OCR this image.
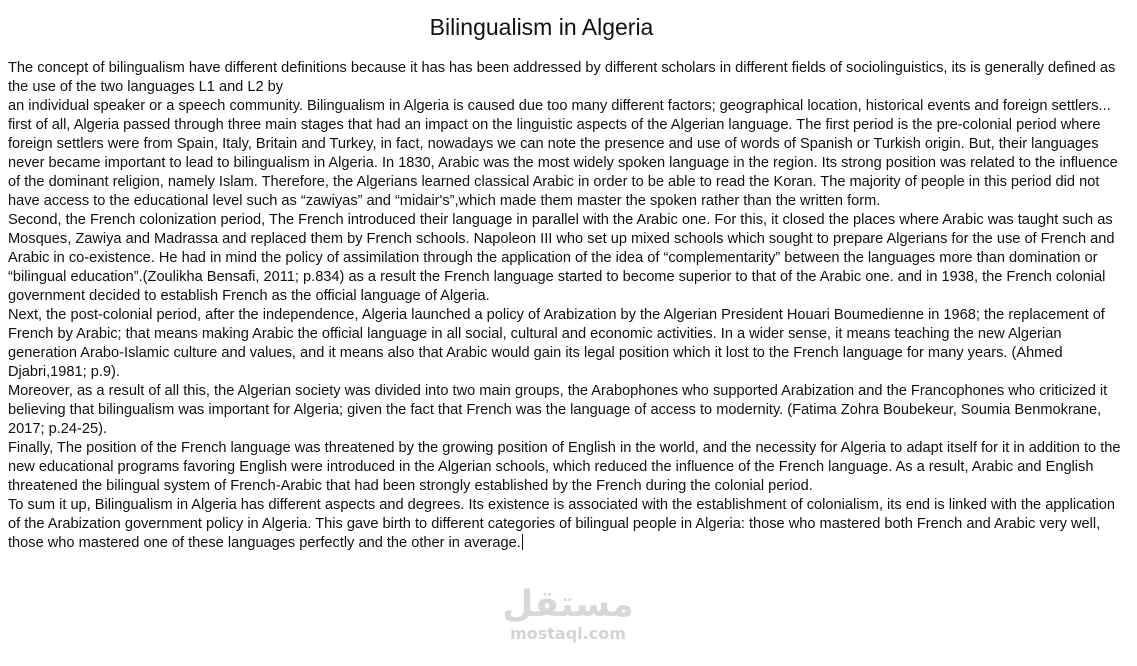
Bilingualism in Algeria

The concept of bilingualism have different definitions because it has has been addressed by different scholars in different fields of sociolinguistics, its is generally defined as the use of the two languages L1 and L2 by

an individual speaker or a speech community. Bilingualism in Algeria is caused due too many different factors; geographical location, historical events and foreign settlers...

first of all, Algeria passed through three main stages that had an impact on the linguistic aspects of the Algerian language. The first period is the pre-colonial period where foreign settlers were from Spain, Italy, Britain and Turkey, in fact, nowadays we can note the presence and use of words of Spanish or Turkish origin. But, their languages never became important to lead to bilingualism in Algeria. In 1830, Arabic was the most widely spoken language in the region. Its strong position was related to the influence of the dominant religion, namely Islam. Therefore, the Algerians learned classical Arabic in order to be able to read the Koran. The majority of people in this period did not have access to the educational level such as “zawiyas” and “midair's”,which made them master the spoken rather than the written form.

Second, the French colonization period, The French introduced their language in parallel with the Arabic one. For this, it closed the places where Arabic was taught such as Mosques, Zawiya and Madrassa and replaced them by French schools. Napoleon III who set up mixed schools which sought to prepare Algerians for the use of French and Arabic in co-existence. He had in mind the policy of assimilation through the application of the idea of “complementarity” between the languages more than domination or “bilingual education”.(Zoulikha Bensafi, 2011; p.834) as a result the French language started to become superior to that of the Arabic one. and in 1938, the French colonial government decided to establish French as the official language of Algeria.

Next, the post-colonial period, after the independence, Algeria launched a policy of Arabization by the Algerian President Houari Boumedienne in 1968; the replacement of French by Arabic; that means making Arabic the official language in all social, cultural and economic activities. In a wider sense, it means teaching the new Algerian generation Arabo-Islamic culture and values, and it means also that Arabic would gain its legal position which it lost to the French language for many years. (Ahmed Djabri,1981; p.9).

Moreover, as a result of all this, the Algerian society was divided into two main groups, the Arabophones who supported Arabization and the Francophones who criticized it believing that bilingualism was important for Algeria; given the fact that French was the language of access to modernity. (Fatima Zohra Boubekeur, Soumia Benmokrane, 2017; p.24-25).

Finally, The position of the French language was threatened by the growing position of English in the world, and the necessity for Algeria to adapt itself for it in addition to the new educational programs favoring English were introduced in the Algerian schools, which reduced the influence of the French language. As a result, Arabic and English threatened the bilingual system of French-Arabic that had been strongly established by the French during the colonial period.

To sum it up, Bilingualism in Algeria has different aspects and degrees. Its existence is associated with the establishment of colonialism, its end is linked with the application of the Arabization government policy in Algeria. This gave birth to different categories of bilingual people in Algeria: those who mastered both French and Arabic very well, those who mastered one of these languages perfectly and the other in average.

مستقل
mostaql.com
